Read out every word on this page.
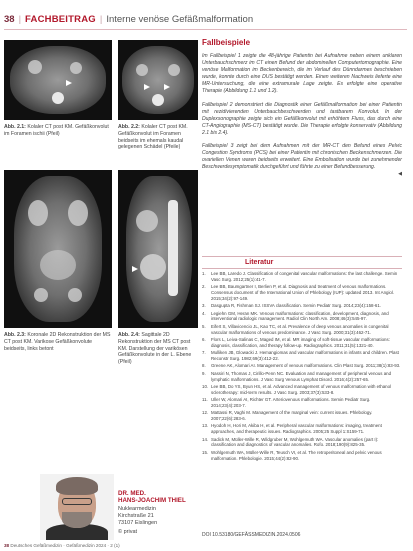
38 | FACHBEITRAG | Interne venöse Gefäßmalformation
Abb. 2.1: Kolaler CT post KM. Gefäßkonvolut im Foramen ischii (Pfeil)
Abb. 2.2: Kolaler CT post KM. Gefäßkonvolut im Foramen beidseits im ehemals kaudal gelegenen Schädel (Pfeile)
Abb. 2.3: Koronale 2D Rekonstruktion der MS CT post KM. Varikose Gefäßkonvolute beidseits, links betont
Abb. 2.4: Sagittale 2D Rekonstruktion der MS CT post KM. Darstellung der varikösen Gefäßkonvolute in der L. Ebene (Pfeil)
Fallbeispiele

Im Fallbeispiel 1 zeigte die 48-jährige Patientin bei Aufnahme neben einem unklaren Unterbauchschmerz im CT einen Befund der abdominellen Computertomographie. Eine venöse Malformation im Beckenbereich, die im Verlauf des Dünndarmes beschrieben wurde, konnte durch eine DUS bestätigt werden. Einen weiteren Nachweis lieferte eine MR-Untersuchung, die eine extramurale Lage zeigte. Es erfolgte eine operative Therapie (Abbildung 1.1 und 1.2).

Fallbeispiel 2 demonstriert die Diagnostik einer Gefäßmalformation bei einer Patientin mit rezidivierenden Unterbauchbeschwerden und tastbarem Konvolut. In der Duplexsonographie zeigte sich ein Gefäßkonvolut mit erhöhtem Fluss, das durch eine CT-Angiographie (MS-CT) bestätigt wurde. Die Therapie erfolgte konservativ (Abbildung 2.1 bis 2.4).

Fallbeispiel 3 zeigt bei dem Aufnahmen mit der MR-CT den Befund eines Pelvic Congestion Syndroms (PCS) bei einer Patientin mit chronischen Beckenschmerzen. Die ovariellen Venen waren beidseits erweitert. Eine Embolisation wurde bei zunehmender Beschwerdesymptomatik durchgeführt und führte zu einer Befundbesserung.

◀
Literatur
1.	Lee BB, Laredo J. Classification of congenital vascular malformations: the last challenge. Semin Vasc Surg. 2012;25(1):41-7.
2.	Lee BB, Baumgartner I, Berlien P, et al. Diagnosis and treatment of venous malformations. Consensus document of the International Union of Phlebology (IUP): updated 2013. Int Angiol. 2015;34(2):97-149.
3.	Dasgupta R, Fishman SJ. ISSVA classification. Semin Pediatr Surg. 2014;23(4):158-61.
4.	Legiehn GM, Heran MK. Venous malformations: classification, development, diagnosis, and interventional radiologic management. Radiol Clin North Am. 2008;46(3):545-97.
5.	Eifert S, Villavicencio JL, Kao TC, et al. Prevalence of deep venous anomalies in congenital vascular malformations of venous predominance. J Vasc Surg. 2000;31(3):462-71.
6.	Flors L, Leiva-Salinas C, Maged IM, et al. MR imaging of soft-tissue vascular malformations: diagnosis, classification, and therapy follow-up. Radiographics. 2011;31(5):1321-40.
7.	Mulliken JB, Glowacki J. Hemangiomas and vascular malformations in infants and children. Plast Reconstr Surg. 1982;69(3):412-22.
8.	Greene AK, Alomari AI. Management of venous malformations. Clin Plast Surg. 2011;38(1):83-93.
9.	Nassiri N, Thomas J, Cirillo-Penn NC. Evaluation and management of peripheral venous and lymphatic malformations. J Vasc Surg Venous Lymphat Disord. 2016;4(2):257-65.
10. Lee BB, Do YS, Byun HS, et al. Advanced management of venous malformation with ethanol sclerotherapy: mid-term results. J Vasc Surg. 2003;37(3):533-8.
11. Uller W, Alomari AI, Richter GT. Arteriovenous malformations. Semin Pediatr Surg. 2014;23(4):203-7.
12. Mattassi R, Vaghi M. Management of the marginal vein: current issues. Phlebology. 2007;22(6):283-6.
13. Hyodoh H, Hori M, Akiba H, et al. Peripheral vascular malformations: imaging, treatment approaches, and therapeutic issues. Radiographics. 2005;25 Suppl 1:S159-71.
14. Sadick M, Müller-Wille R, Wildgruber M, Wohlgemuth WA. Vascular anomalies (part I): classification and diagnostics of vascular anomalies. Rofo. 2018;190(9):825-35.
15. Wohlgemuth WA, Müller-Wille R, Teusch VI, et al. The retroperitoneal and pelvic venous malformation. Phlebologie. 2015;44(2):82-90.
DOI 10.53180/GEFÄSSMEDIZIN.2024.0506
DR. MED.
HANS-JOACHIM THIEL
Nuklearmedizin
Kirchstraße 21
73107 Eislingen
© privat
38 Deutsches Gefäßmedizin · Gefäßmedizin 2024 · 2 (1)
